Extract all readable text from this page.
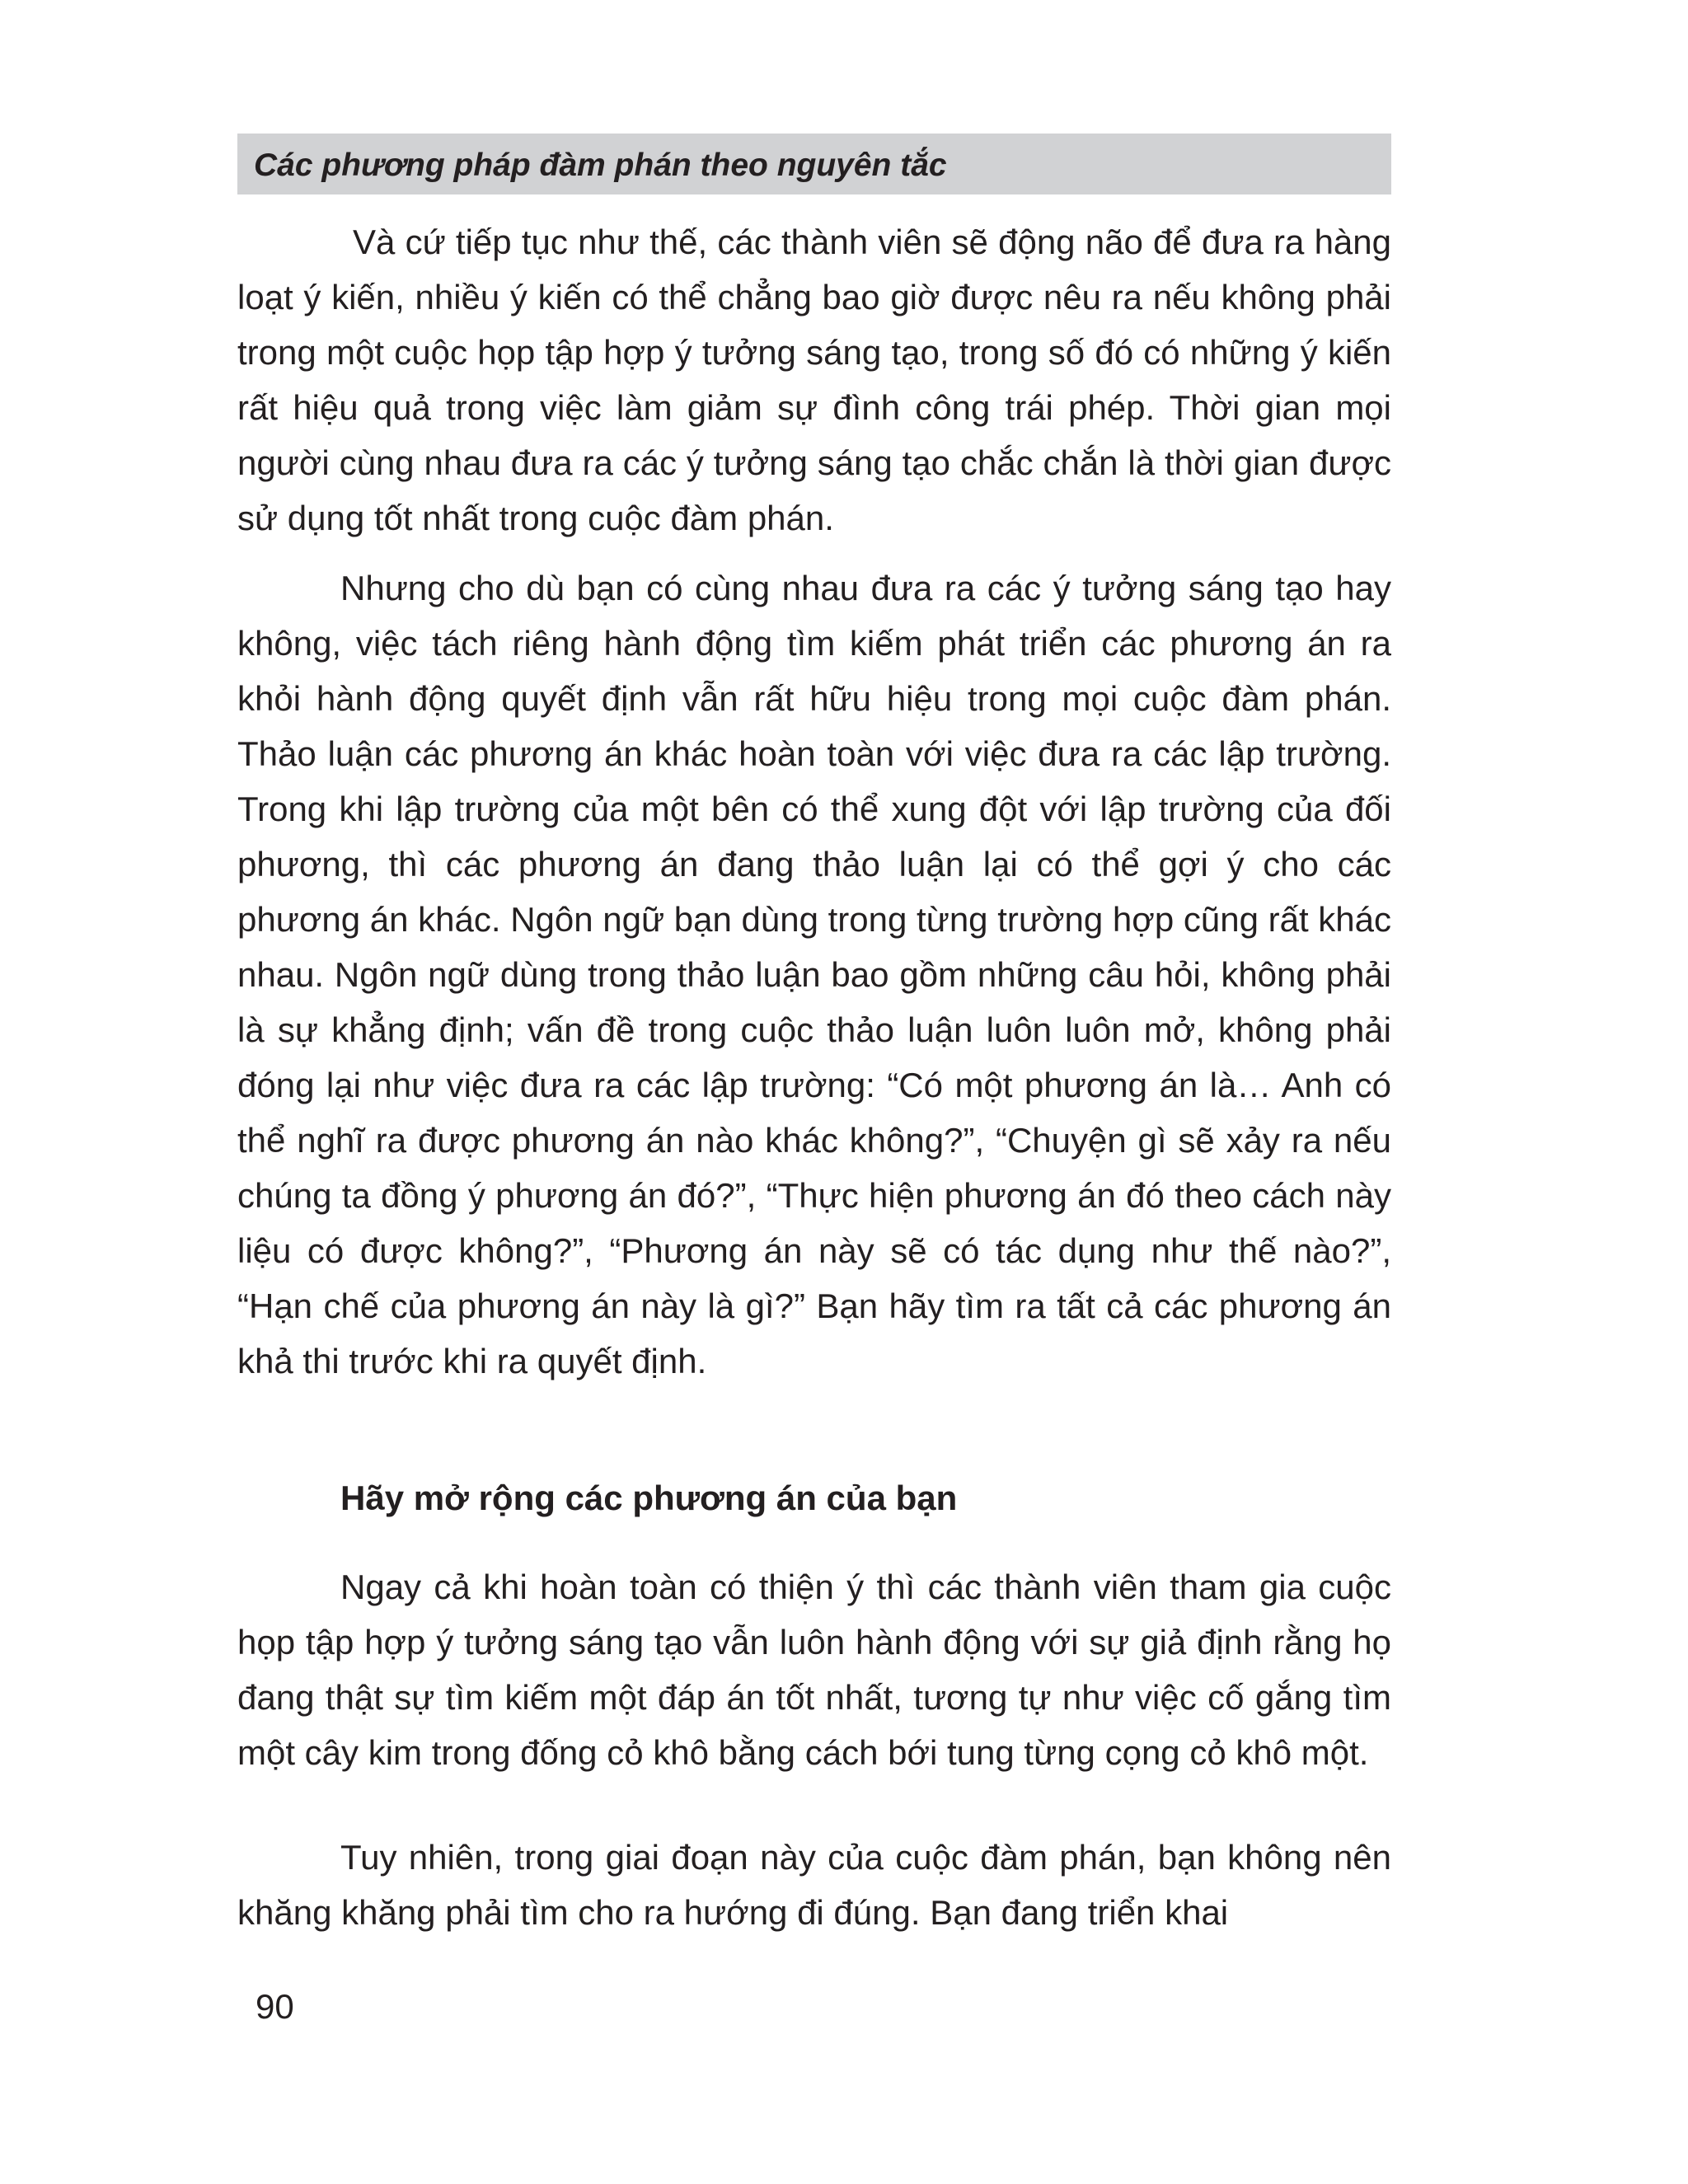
Các phương pháp đàm phán theo nguyên tắc

Và cứ tiếp tục như thế, các thành viên sẽ động não để đưa ra hàng loạt ý kiến, nhiều ý kiến có thể chẳng bao giờ được nêu ra nếu không phải trong một cuộc họp tập hợp ý tưởng sáng tạo, trong số đó có những ý kiến rất hiệu quả trong việc làm giảm sự đình công trái phép. Thời gian mọi người cùng nhau đưa ra các ý tưởng sáng tạo chắc chắn là thời gian được sử dụng tốt nhất trong cuộc đàm phán.

Nhưng cho dù bạn có cùng nhau đưa ra các ý tưởng sáng tạo hay không, việc tách riêng hành động tìm kiếm phát triển các phương án ra khỏi hành động quyết định vẫn rất hữu hiệu trong mọi cuộc đàm phán. Thảo luận các phương án khác hoàn toàn với việc đưa ra các lập trường. Trong khi lập trường của một bên có thể xung đột với lập trường của đối phương, thì các phương án đang thảo luận lại có thể gợi ý cho các phương án khác. Ngôn ngữ bạn dùng trong từng trường hợp cũng rất khác nhau. Ngôn ngữ dùng trong thảo luận bao gồm những câu hỏi, không phải là sự khẳng định; vấn đề trong cuộc thảo luận luôn luôn mở, không phải đóng lại như việc đưa ra các lập trường: “Có một phương án là… Anh có thể nghĩ ra được phương án nào khác không?”, “Chuyện gì sẽ xảy ra nếu chúng ta đồng ý phương án đó?”, “Thực hiện phương án đó theo cách này liệu có được không?”, “Phương án này sẽ có tác dụng như thế nào?”, “Hạn chế của phương án này là gì?” Bạn hãy tìm ra tất cả các phương án khả thi trước khi ra quyết định.

Hãy mở rộng các phương án của bạn

Ngay cả khi hoàn toàn có thiện ý thì các thành viên tham gia cuộc họp tập hợp ý tưởng sáng tạo vẫn luôn hành động với sự giả định rằng họ đang thật sự tìm kiếm một đáp án tốt nhất, tương tự như việc cố gắng tìm một cây kim trong đống cỏ khô bằng cách bới tung từng cọng cỏ khô một.

Tuy nhiên, trong giai đoạn này của cuộc đàm phán, bạn không nên khăng khăng phải tìm cho ra hướng đi đúng. Bạn đang triển khai

90
